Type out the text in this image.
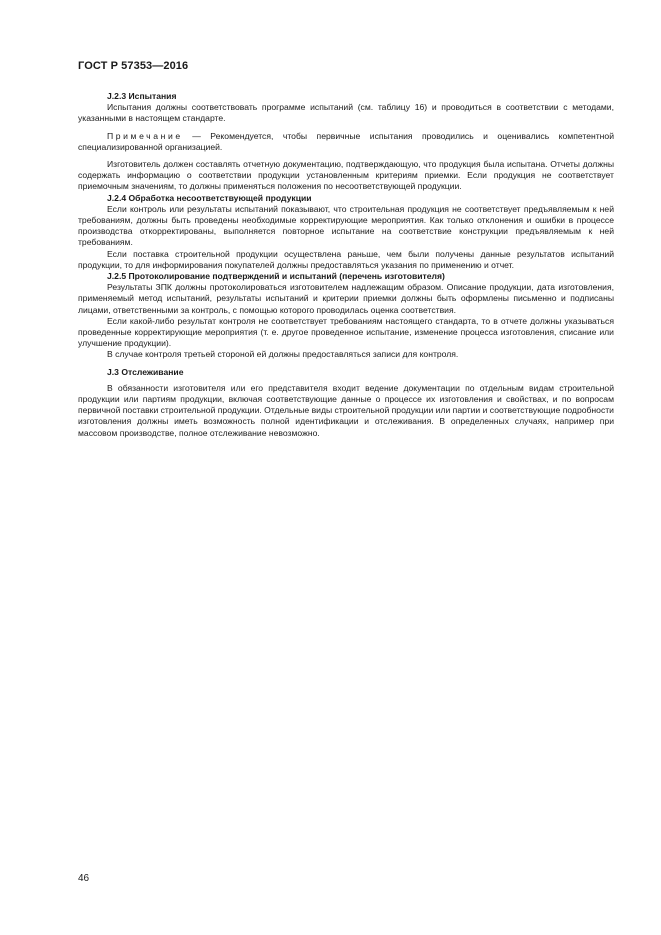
ГОСТ Р 57353—2016
J.2.3 Испытания

Испытания должны соответствовать программе испытаний (см. таблицу 16) и проводиться в соответствии с методами, указанными в настоящем стандарте.

Примечание — Рекомендуется, чтобы первичные испытания проводились и оценивались компетентной специализированной организацией.

Изготовитель должен составлять отчетную документацию, подтверждающую, что продукция была испытана. Отчеты должны содержать информацию о соответствии продукции установленным критериям приемки. Если продукция не соответствует приемочным значениям, то должны применяться положения по несоответствующей продукции.

J.2.4 Обработка несоответствующей продукции

Если контроль или результаты испытаний показывают, что строительная продукция не соответствует предъявляемым к ней требованиям, должны быть проведены необходимые корректирующие мероприятия. Как только отклонения и ошибки в процессе производства откорректированы, выполняется повторное испытание на соответствие конструкции предъявляемым к ней требованиям.

Если поставка строительной продукции осуществлена раньше, чем были получены данные результатов испытаний продукции, то для информирования покупателей должны предоставляться указания по применению и отчет.

J.2.5 Протоколирование подтверждений и испытаний (перечень изготовителя)

Результаты ЗПК должны протоколироваться изготовителем надлежащим образом. Описание продукции, дата изготовления, применяемый метод испытаний, результаты испытаний и критерии приемки должны быть оформлены письменно и подписаны лицами, ответственными за контроль, с помощью которого проводилась оценка соответствия.

Если какой-либо результат контроля не соответствует требованиям настоящего стандарта, то в отчете должны указываться проведенные корректирующие мероприятия (т. е. другое проведенное испытание, изменение процесса изготовления, списание или улучшение продукции).

В случае контроля третьей стороной ей должны предоставляться записи для контроля.

J.3 Отслеживание

В обязанности изготовителя или его представителя входит ведение документации по отдельным видам строительной продукции или партиям продукции, включая соответствующие данные о процессе их изготовления и свойствах, и по вопросам первичной поставки строительной продукции. Отдельные виды строительной продукции или партии и соответствующие подробности изготовления должны иметь возможность полной идентификации и отслеживания. В определенных случаях, например при массовом производстве, полное отслеживание невозможно.

46
